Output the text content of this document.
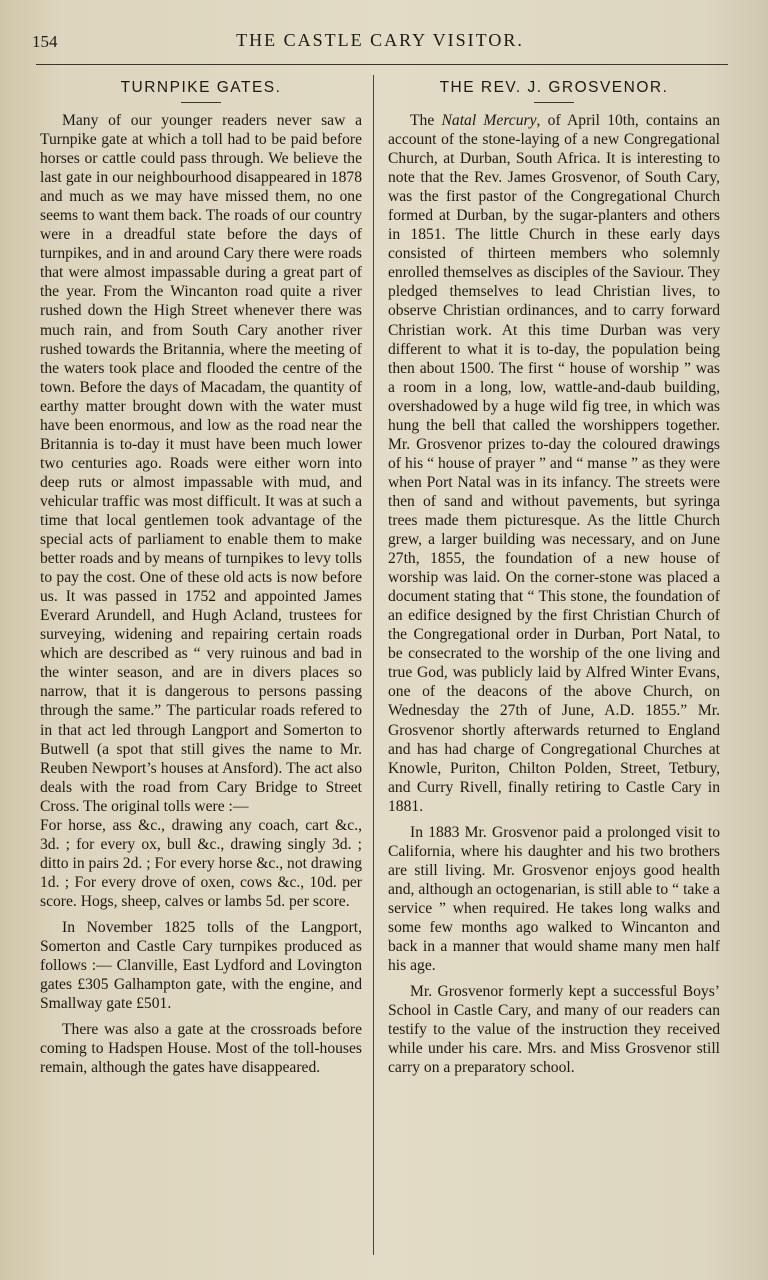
154	THE CASTLE CARY VISITOR.
TURNPIKE GATES.

Many of our younger readers never saw a Turnpike gate at which a toll had to be paid before horses or cattle could pass through. We believe the last gate in our neighbourhood disappeared in 1878 and much as we may have missed them, no one seems to want them back. The roads of our country were in a dreadful state before the days of turnpikes, and in and around Cary there were roads that were almost impassable during a great part of the year. From the Wincanton road quite a river rushed down the High Street whenever there was much rain, and from South Cary another river rushed towards the Britannia, where the meeting of the waters took place and flooded the centre of the town. Before the days of Macadam, the quantity of earthy matter brought down with the water must have been enormous, and low as the road near the Britannia is to-day it must have been much lower two centuries ago. Roads were either worn into deep ruts or almost impassable with mud, and vehicular traffic was most difficult. It was at such a time that local gentlemen took advantage of the special acts of parliament to enable them to make better roads and by means of turnpikes to levy tolls to pay the cost. One of these old acts is now before us. It was passed in 1752 and appointed James Everard Arundell, and Hugh Acland, trustees for surveying, widening and repairing certain roads which are described as “ very ruinous and bad in the winter season, and are in divers places so narrow, that it is dangerous to persons passing through the same.” The particular roads refered to in that act led through Langport and Somerton to Butwell (a spot that still gives the name to Mr. Reuben Newport’s houses at Ansford). The act also deals with the road from Cary Bridge to Street Cross. The original tolls were :—

For horse, ass &c., drawing any coach, cart &c., 3d. ; for every ox, bull &c., drawing singly 3d. ; ditto in pairs 2d. ; For every horse &c., not drawing 1d. ; For every drove of oxen, cows &c., 10d. per score. Hogs, sheep, calves or lambs 5d. per score.

In November 1825 tolls of the Langport, Somerton and Castle Cary turnpikes produced as follows :— Clanville, East Lydford and Lovington gates £305 Galhampton gate, with the engine, and Smallway gate £501.

There was also a gate at the crossroads before coming to Hadspen House. Most of the toll-houses remain, although the gates have disappeared.

THE REV. J. GROSVENOR.

The Natal Mercury, of April 10th, contains an account of the stone-laying of a new Congregational Church, at Durban, South Africa. It is interesting to note that the Rev. James Grosvenor, of South Cary, was the first pastor of the Congregational Church formed at Durban, by the sugar-planters and others in 1851. The little Church in these early days consisted of thirteen members who solemnly enrolled themselves as disciples of the Saviour. They pledged themselves to lead Christian lives, to observe Christian ordinances, and to carry forward Christian work. At this time Durban was very different to what it is to-day, the population being then about 1500. The first “ house of worship ” was a room in a long, low, wattle-and-daub building, overshadowed by a huge wild fig tree, in which was hung the bell that called the worshippers together. Mr. Grosvenor prizes to-day the coloured drawings of his “ house of prayer ” and “ manse ” as they were when Port Natal was in its infancy. The streets were then of sand and without pavements, but syringa trees made them picturesque. As the little Church grew, a larger building was necessary, and on June 27th, 1855, the foundation of a new house of worship was laid. On the corner-stone was placed a document stating that “ This stone, the foundation of an edifice designed by the first Christian Church of the Congregational order in Durban, Port Natal, to be consecrated to the worship of the one living and true God, was publicly laid by Alfred Winter Evans, one of the deacons of the above Church, on Wednesday the 27th of June, A.D. 1855.” Mr. Grosvenor shortly afterwards returned to England and has had charge of Congregational Churches at Knowle, Puriton, Chilton Polden, Street, Tetbury, and Curry Rivell, finally retiring to Castle Cary in 1881.

In 1883 Mr. Grosvenor paid a prolonged visit to California, where his daughter and his two brothers are still living. Mr. Grosvenor enjoys good health and, although an octogenarian, is still able to “ take a service ” when required. He takes long walks and some few months ago walked to Wincanton and back in a manner that would shame many men half his age.

Mr. Grosvenor formerly kept a successful Boys’ School in Castle Cary, and many of our readers can testify to the value of the instruction they received while under his care. Mrs. and Miss Grosvenor still carry on a preparatory school.
